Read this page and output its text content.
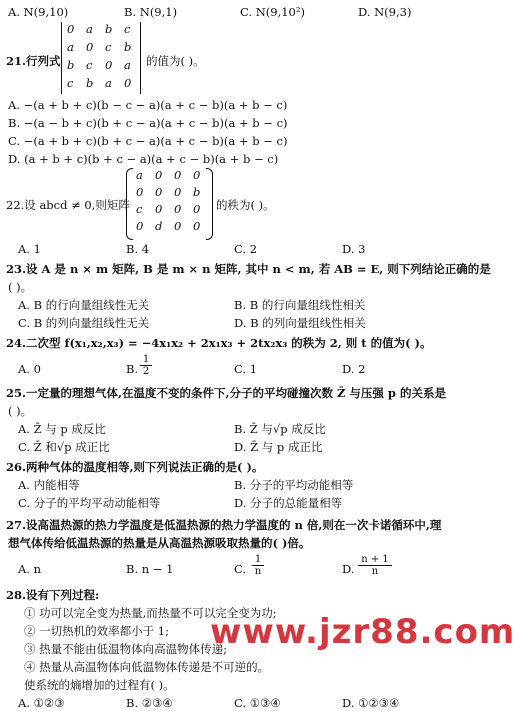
A. N(9,10)	B. N(9,1)	C. N(9,10²)	D. N(9,3)
21.行列式
0 a b c
a 0 c b
b c 0 a
c b a 0
的值为( )。
A. −(a + b + c)(b − c − a)(a + c − b)(a + b − c)
B. −(a − b + c)(b + c − a)(a + c − b)(a + b − c)
C. −(a + b + c)(b + c − a)(a + c − b)(a + b − c)
D. (a + b + c)(b + c − a)(a + c − b)(a + b − c)
22.设 abcd ≠ 0,则矩阵
a 0 0 0
0 0 0 b
c 0 0 0
0 d 0 0
的秩为( )。
A. 1	B. 4	C. 2	D. 3
23.设 A 是 n × m 矩阵, B 是 m × n 矩阵, 其中 n < m, 若 AB = E, 则下列结论正确的是
( )。
A. B 的行向量组线性无关	B. B 的行向量组线性相关
C. B 的列向量组线性无关	D. B 的列向量组线性相关
24.二次型 f(x₁,x₂,x₃) = −4x₁x₂ + 2x₁x₃ + 2tx₂x₃ 的秩为 2, 则 t 的值为( )。
A. 0	B. $\frac{1}{2}$	C. 1	D. 2
25.一定量的理想气体,在温度不变的条件下,分子的平均碰撞次数 Z̄ 与压强 p 的关系是
( )。
A. Z̄ 与 p 成反比	B. Z̄ 与√p 成反比
C. Z̄ 和√p 成正比	D. Z̄ 与 p 成正比
26.两种气体的温度相等,则下列说法正确的是( )。
A. 内能相等	B. 分子的平均动能相等
C. 分子的平均平动动能相等	D. 分子的总能量相等
27.设高温热源的热力学温度是低温热源的热力学温度的 n 倍,则在一次卡诺循环中,理
想气体传给低温热源的热量是从高温热源吸取热量的( )倍。
A. n	B. n − 1	C. $\frac{1}{n}$	D. $\frac{n + 1}{n}$
28.设有下列过程:
① 功可以完全变为热量,而热量不可以完全变为功;
② 一切热机的效率都小于 1;
③ 热量不能由低温物体向高温物体传递;
④ 热量从高温物体向低温物体传递是不可逆的。
使系统的熵增加的过程有( )。
A. ①②③	B. ②③④	C. ①③④	D. ①②③④
www.jzr88.com
